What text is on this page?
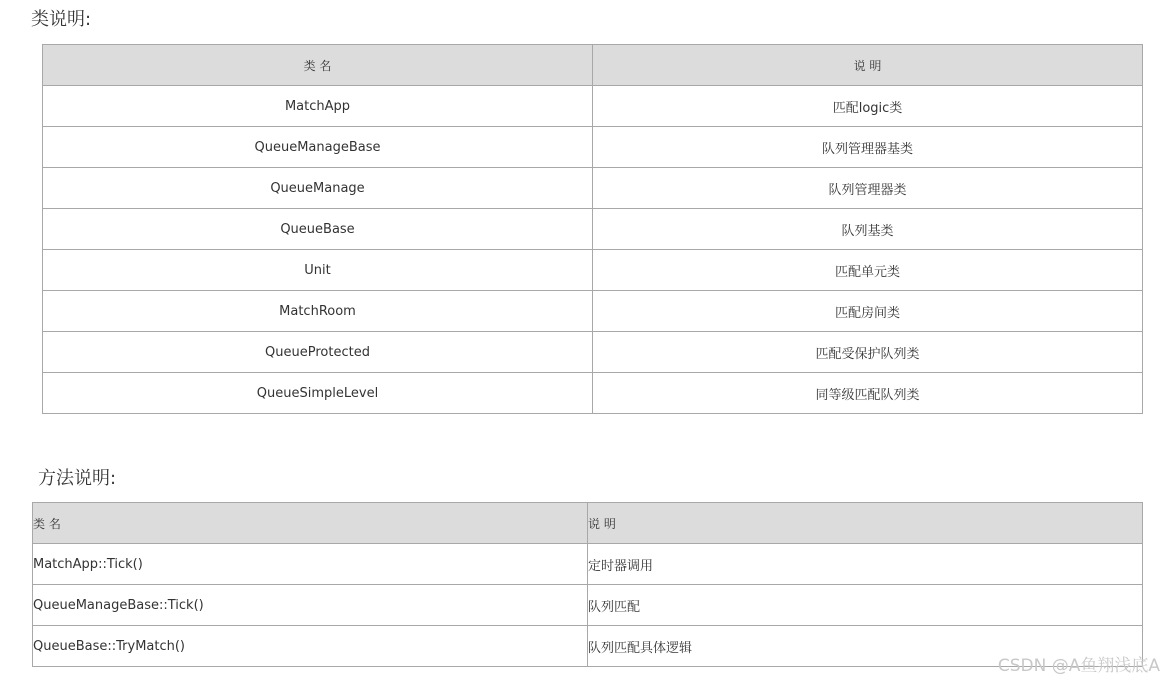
类说明:
类 名	说 明
MatchApp	匹配logic类
QueueManageBase	队列管理器基类
QueueManage	队列管理器类
QueueBase	队列基类
Unit	匹配单元类
MatchRoom	匹配房间类
QueueProtected	匹配受保护队列类
QueueSimpleLevel	同等级匹配队列类
方法说明:
类 名	说 明
MatchApp::Tick()	定时器调用
QueueManageBase::Tick()	队列匹配
QueueBase::TryMatch()	队列匹配具体逻辑
CSDN @A鱼翔浅底A
